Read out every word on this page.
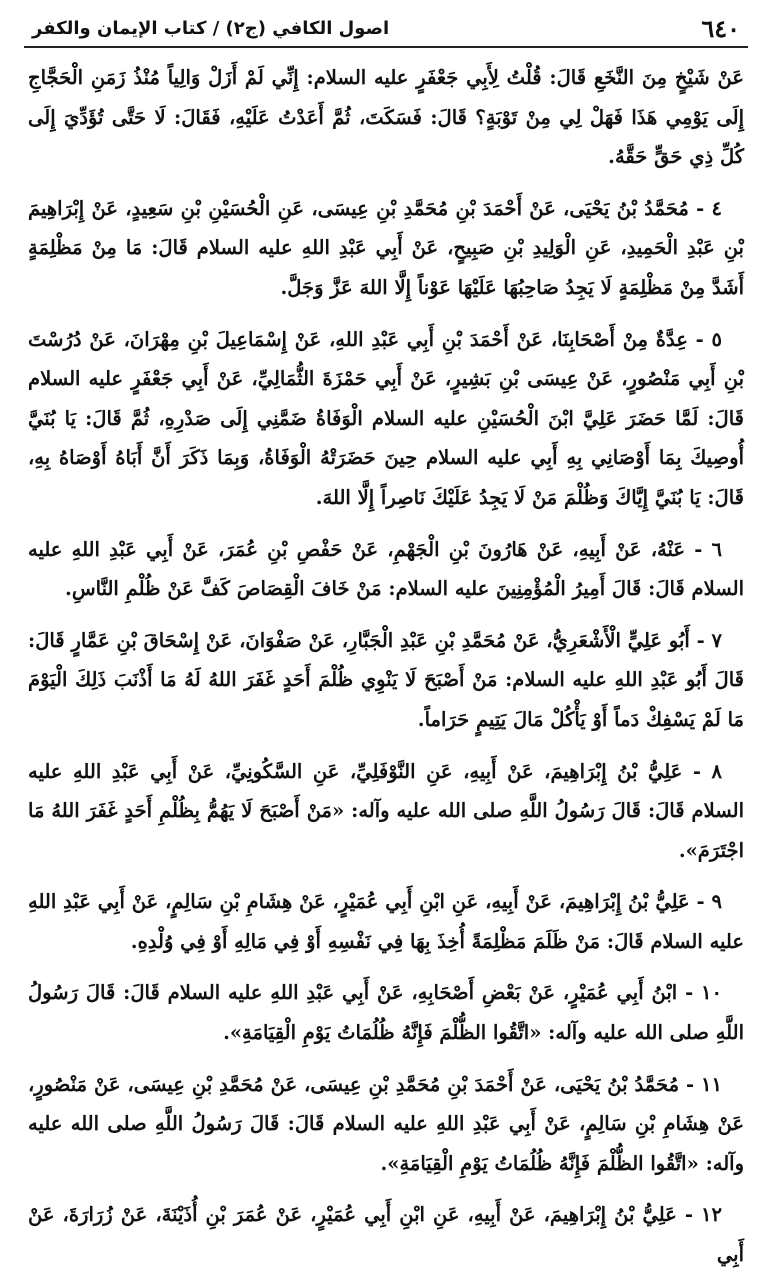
٦٤٠
اصول الكافي (ج٢) / كتاب الإيمان والكفر

عَنْ شَيْخٍ مِنَ النَّخَعِ قَالَ: قُلْتُ لِأَبِي جَعْفَرٍ عليه السلام: إِنِّي لَمْ أَزَلْ وَالِياً مُنْذُ زَمَنِ الْحَجَّاجِ إِلَى يَوْمِي هَذَا فَهَلْ لِي مِنْ تَوْبَةٍ؟ قَالَ: فَسَكَتَ، ثُمَّ أَعَدْتُ عَلَيْهِ، فَقَالَ: لَا حَتَّى تُؤَدِّيَ إِلَى كُلِّ ذِي حَقٍّ حَقَّهُ.

٤ - مُحَمَّدُ بْنُ يَحْيَى، عَنْ أَحْمَدَ بْنِ مُحَمَّدِ بْنِ عِيسَى، عَنِ الْحُسَيْنِ بْنِ سَعِيدٍ، عَنْ إِبْرَاهِيمَ بْنِ عَبْدِ الْحَمِيدِ، عَنِ الْوَلِيدِ بْنِ صَبِيحٍ، عَنْ أَبِي عَبْدِ اللهِ عليه السلام قَالَ: مَا مِنْ مَظْلِمَةٍ أَشَدَّ مِنْ مَظْلِمَةٍ لَا يَجِدُ صَاحِبُهَا عَلَيْهَا عَوْناً إِلَّا اللهَ عَزَّ وَجَلَّ.

٥ - عِدَّةٌ مِنْ أَصْحَابِنَا، عَنْ أَحْمَدَ بْنِ أَبِي عَبْدِ اللهِ، عَنْ إِسْمَاعِيلَ بْنِ مِهْرَانَ، عَنْ دُرُسْتَ بْنِ أَبِي مَنْصُورٍ، عَنْ عِيسَى بْنِ بَشِيرٍ، عَنْ أَبِي حَمْزَةَ الثُّمَالِيِّ، عَنْ أَبِي جَعْفَرٍ عليه السلام قَالَ: لَمَّا حَضَرَ عَلِيَّ ابْنَ الْحُسَيْنِ عليه السلام الْوَفَاةُ ضَمَّنِي إِلَى صَدْرِهِ، ثُمَّ قَالَ: يَا بُنَيَّ أُوصِيكَ بِمَا أَوْصَانِي بِهِ أَبِي عليه السلام حِينَ حَضَرَتْهُ الْوَفَاةُ، وَبِمَا ذَكَرَ أَنَّ أَبَاهُ أَوْصَاهُ بِهِ، قَالَ: يَا بُنَيَّ إِيَّاكَ وَظُلْمَ مَنْ لَا يَجِدُ عَلَيْكَ نَاصِراً إِلَّا اللهَ.

٦ - عَنْهُ، عَنْ أَبِيهِ، عَنْ هَارُونَ بْنِ الْجَهْمِ، عَنْ حَفْصِ بْنِ عُمَرَ، عَنْ أَبِي عَبْدِ اللهِ عليه السلام قَالَ: قَالَ أَمِيرُ الْمُؤْمِنِينَ عليه السلام: مَنْ خَافَ الْقِصَاصَ كَفَّ عَنْ ظُلْمِ النَّاسِ.

٧ - أَبُو عَلِيٍّ الْأَشْعَرِيُّ، عَنْ مُحَمَّدِ بْنِ عَبْدِ الْجَبَّارِ، عَنْ صَفْوَانَ، عَنْ إِسْحَاقَ بْنِ عَمَّارٍ قَالَ: قَالَ أَبُو عَبْدِ اللهِ عليه السلام: مَنْ أَصْبَحَ لَا يَنْوِي ظُلْمَ أَحَدٍ غَفَرَ اللهُ لَهُ مَا أَذْنَبَ ذَلِكَ الْيَوْمَ مَا لَمْ يَسْفِكْ دَماً أَوْ يَأْكُلْ مَالَ يَتِيمٍ حَرَاماً.

٨ - عَلِيُّ بْنُ إِبْرَاهِيمَ، عَنْ أَبِيهِ، عَنِ النَّوْفَلِيِّ، عَنِ السَّكُونِيِّ، عَنْ أَبِي عَبْدِ اللهِ عليه السلام قَالَ: قَالَ رَسُولُ اللَّهِ صلى الله عليه وآله: «مَنْ أَصْبَحَ لَا يَهُمُّ بِظُلْمِ أَحَدٍ غَفَرَ اللهُ مَا اجْتَرَمَ».

٩ - عَلِيُّ بْنُ إِبْرَاهِيمَ، عَنْ أَبِيهِ، عَنِ ابْنِ أَبِي عُمَيْرٍ، عَنْ هِشَامِ بْنِ سَالِمٍ، عَنْ أَبِي عَبْدِ اللهِ عليه السلام قَالَ: مَنْ ظَلَمَ مَظْلِمَةً أُخِذَ بِهَا فِي نَفْسِهِ أَوْ فِي مَالِهِ أَوْ فِي وُلْدِهِ.

١٠ - ابْنُ أَبِي عُمَيْرٍ، عَنْ بَعْضِ أَصْحَابِهِ، عَنْ أَبِي عَبْدِ اللهِ عليه السلام قَالَ: قَالَ رَسُولُ اللَّهِ صلى الله عليه وآله: «اتَّقُوا الظُّلْمَ فَإِنَّهُ ظُلُمَاتُ يَوْمِ الْقِيَامَةِ».

١١ - مُحَمَّدُ بْنُ يَحْيَى، عَنْ أَحْمَدَ بْنِ مُحَمَّدِ بْنِ عِيسَى، عَنْ مُحَمَّدِ بْنِ عِيسَى، عَنْ مَنْصُورٍ، عَنْ هِشَامِ بْنِ سَالِمٍ، عَنْ أَبِي عَبْدِ اللهِ عليه السلام قَالَ: قَالَ رَسُولُ اللَّهِ صلى الله عليه وآله: «اتَّقُوا الظُّلْمَ فَإِنَّهُ ظُلُمَاتُ يَوْمِ الْقِيَامَةِ».

١٢ - عَلِيُّ بْنُ إِبْرَاهِيمَ، عَنْ أَبِيهِ، عَنِ ابْنِ أَبِي عُمَيْرٍ، عَنْ عُمَرَ بْنِ أُذَيْنَةَ، عَنْ زُرَارَةَ، عَنْ أَبِي
